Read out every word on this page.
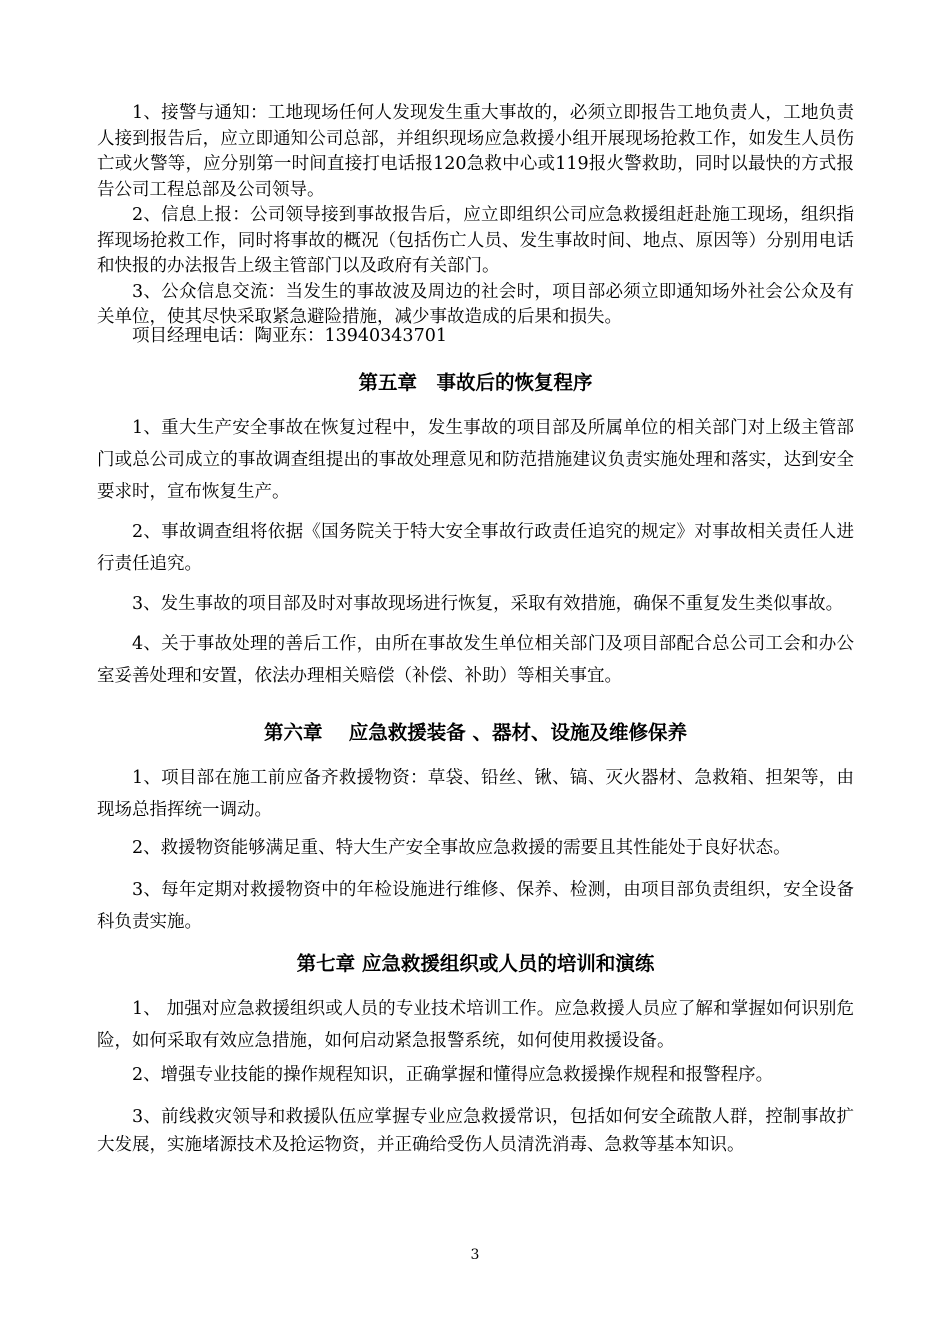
1、接警与通知：工地现场任何人发现发生重大事故的，必须立即报告工地负责人，工地负责人接到报告后，应立即通知公司总部，并组织现场应急救援小组开展现场抢救工作，如发生人员伤亡或火警等，应分别第一时间直接打电话报120急救中心或119报火警救助，同时以最快的方式报告公司工程总部及公司领导。

2、信息上报：公司领导接到事故报告后，应立即组织公司应急救援组赶赴施工现场，组织指挥现场抢救工作，同时将事故的概况（包括伤亡人员、发生事故时间、地点、原因等）分别用电话和快报的办法报告上级主管部门以及政府有关部门。

3、公众信息交流：当发生的事故波及周边的社会时，项目部必须立即通知场外社会公众及有关单位，使其尽快采取紧急避险措施，减少事故造成的后果和损失。

项目经理电话：陶亚东：13940343701

第五章　事故后的恢复程序

1、重大生产安全事故在恢复过程中，发生事故的项目部及所属单位的相关部门对上级主管部门或总公司成立的事故调查组提出的事故处理意见和防范措施建议负责实施处理和落实，达到安全要求时，宣布恢复生产。

2、事故调查组将依据《国务院关于特大安全事故行政责任追究的规定》对事故相关责任人进行责任追究。

3、发生事故的项目部及时对事故现场进行恢复，采取有效措施，确保不重复发生类似事故。

4、关于事故处理的善后工作，由所在事故发生单位相关部门及项目部配合总公司工会和办公室妥善处理和安置，依法办理相关赔偿（补偿、补助）等相关事宜。

第六章　 应急救援装备 、器材、设施及维修保养

1、项目部在施工前应备齐救援物资：草袋、铅丝、锹、镐、灭火器材、急救箱、担架等，由现场总指挥统一调动。

2、救援物资能够满足重、特大生产安全事故应急救援的需要且其性能处于良好状态。

3、每年定期对救援物资中的年检设施进行维修、保养、检测，由项目部负责组织，安全设备科负责实施。

第七章 应急救援组织或人员的培训和演练

1、 加强对应急救援组织或人员的专业技术培训工作。应急救援人员应了解和掌握如何识别危险，如何采取有效应急措施，如何启动紧急报警系统，如何使用救援设备。

2、增强专业技能的操作规程知识，正确掌握和懂得应急救援操作规程和报警程序。

3、前线救灾领导和救援队伍应掌握专业应急救援常识，包括如何安全疏散人群，控制事故扩大发展，实施堵源技术及抢运物资，并正确给受伤人员清洗消毒、急救等基本知识。

3
